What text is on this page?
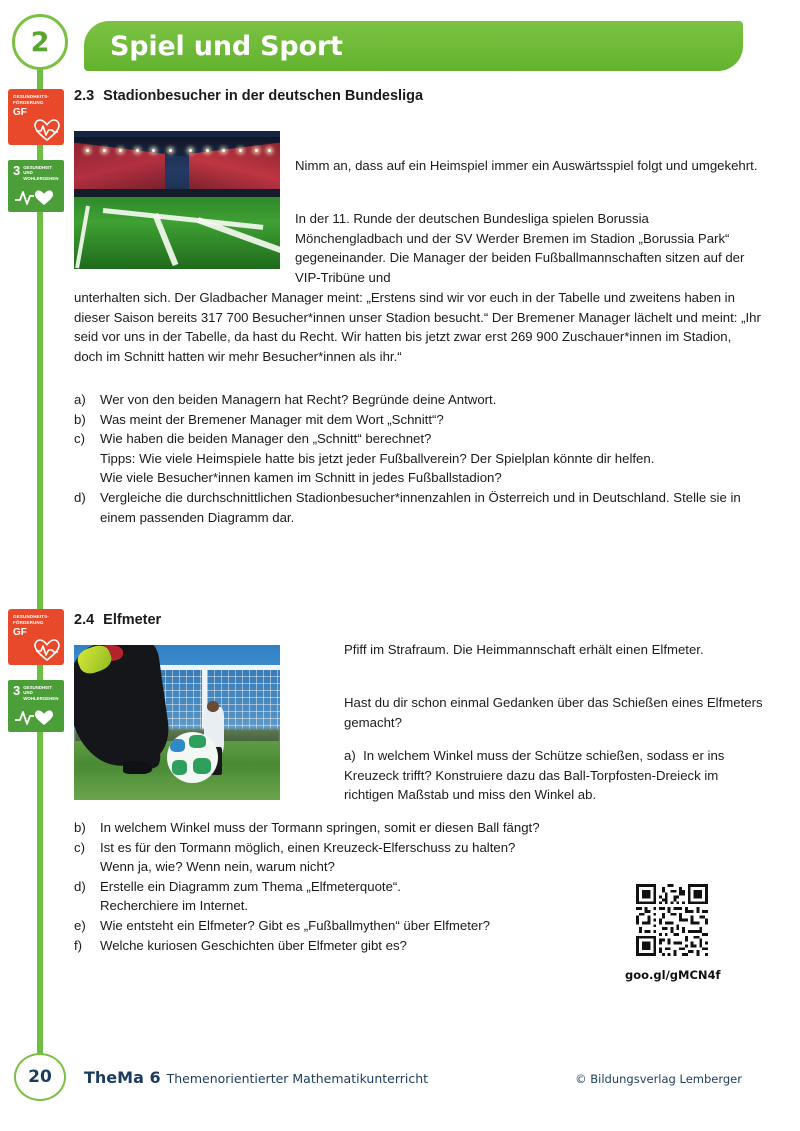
2 Spiel und Sport
GESUNDHEITS-
FÖRDERUNG
GF
3 GESUNDHEIT UND
WOHLERGEHEN
GESUNDHEITS-
FÖRDERUNG
GF
3 GESUNDHEIT UND
WOHLERGEHEN
2.3 Stadionbesucher in der deutschen Bundesliga
Nimm an, dass auf ein Heimspiel immer ein Auswärtsspiel folgt und umgekehrt.
In der 11. Runde der deutschen Bundesliga spielen Borussia Mönchengladbach und der SV Werder Bremen im Stadion „Borussia Park“ gegeneinander. Die Manager der beiden Fußballmannschaften sitzen auf der VIP-Tribüne und
unterhalten sich. Der Gladbacher Manager meint: „Erstens sind wir vor euch in der Tabelle und zweitens haben in dieser Saison bereits 317 700 Besucher*innen unser Stadion besucht.“ Der Bremener Manager lächelt und meint: „Ihr seid vor uns in der Tabelle, da hast du Recht. Wir hatten bis jetzt zwar erst 269 900 Zuschauer*innen im Stadion, doch im Schnitt hatten wir mehr Besucher*innen als ihr.“
a)	Wer von den beiden Managern hat Recht? Begründe deine Antwort.
b)	Was meint der Bremener Manager mit dem Wort „Schnitt“?
c)	Wie haben die beiden Manager den „Schnitt“ berechnet?
Tipps: Wie viele Heimspiele hatte bis jetzt jeder Fußballverein? Der Spielplan könnte dir helfen.
Wie viele Besucher*innen kamen im Schnitt in jedes Fußballstadion?
d)	Vergleiche die durchschnittlichen Stadionbesucher*innenzahlen in Österreich und in Deutschland. Stelle sie in einem passenden Diagramm dar.
2.4 Elfmeter
Pfiff im Strafraum. Die Heimmannschaft erhält einen Elfmeter.
Hast du dir schon einmal Gedanken über das Schießen eines Elfmeters gemacht?
a) In welchem Winkel muss der Schütze schießen, sodass er ins Kreuzeck trifft? Konstruiere dazu das Ball-Torpfosten-Dreieck im richtigen Maßstab und miss den Winkel ab.
b)	In welchem Winkel muss der Tormann springen, somit er diesen Ball fängt?
c)	Ist es für den Tormann möglich, einen Kreuzeck-Elferschuss zu halten?
Wenn ja, wie? Wenn nein, warum nicht?
d)	Erstelle ein Diagramm zum Thema „Elfmeterquote“.
Recherchiere im Internet.
e)	Wie entsteht ein Elfmeter? Gibt es „Fußballmythen“ über Elfmeter?
f)	Welche kuriosen Geschichten über Elfmeter gibt es?
goo.gl/gMCN4f
20 TheMa 6 Themenorientierter Mathematikunterricht	© Bildungsverlag Lemberger
